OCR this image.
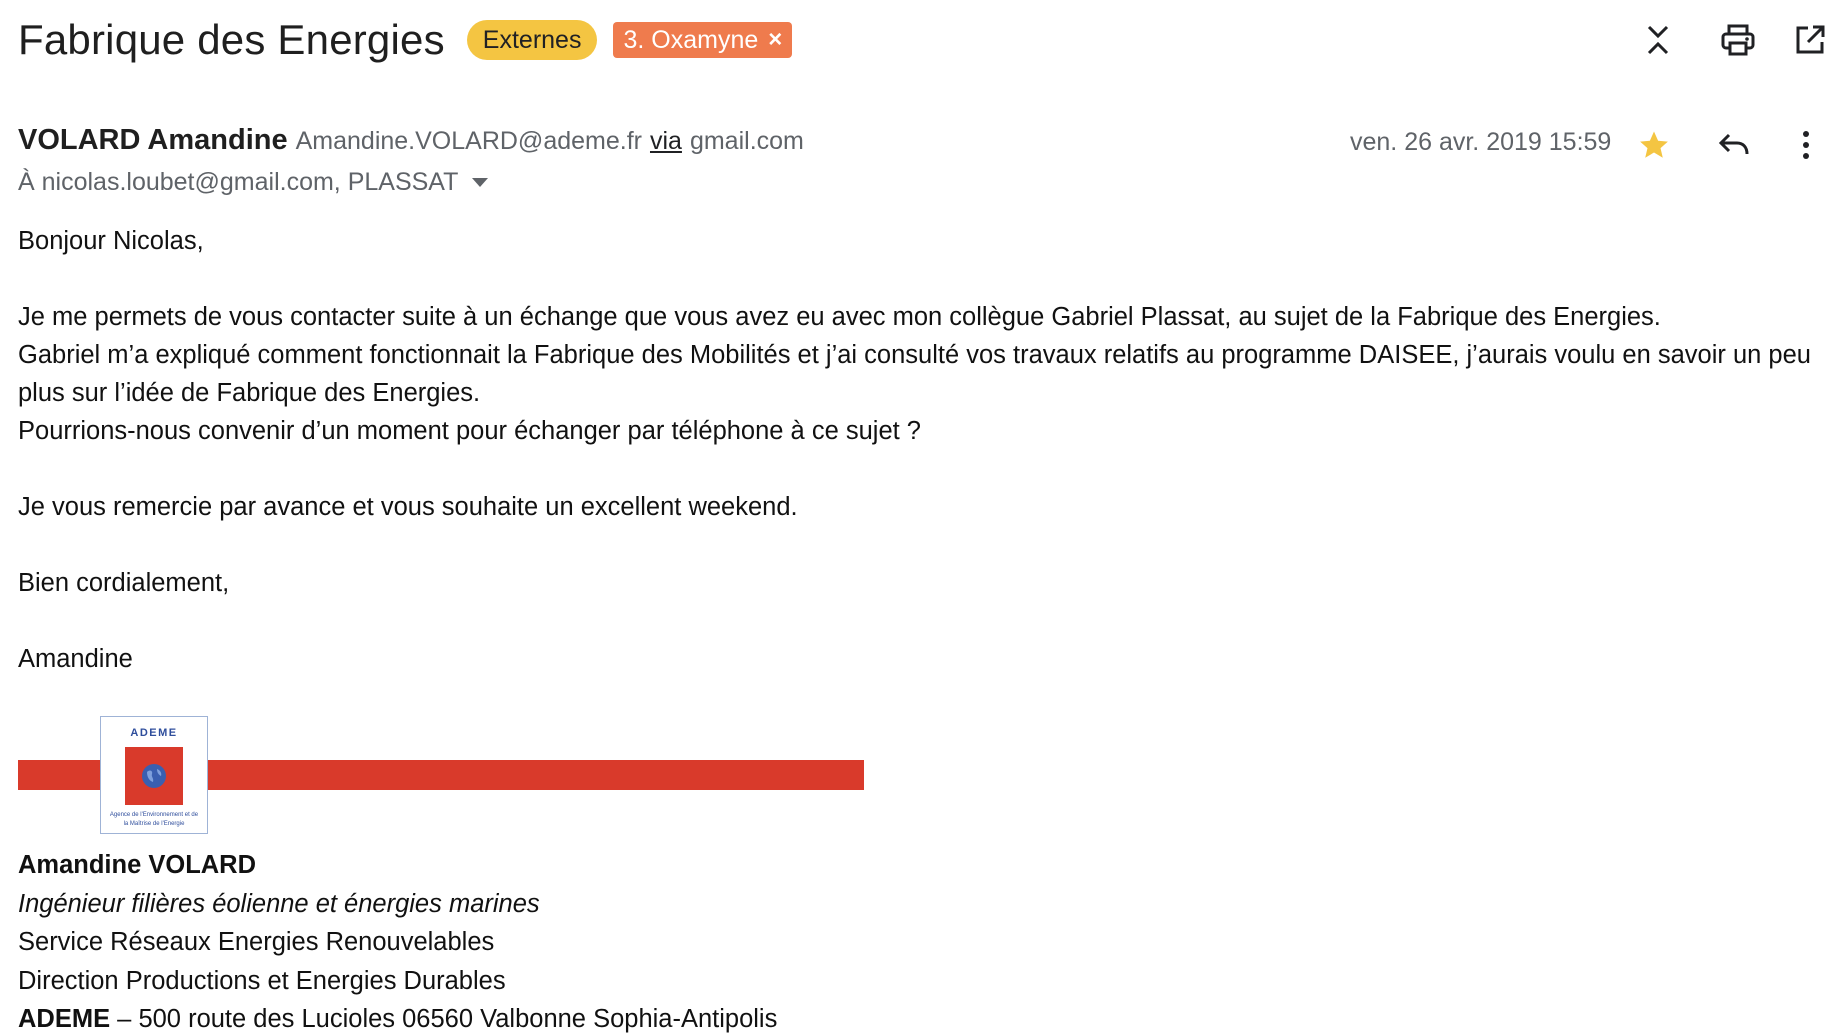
Fabrique des Energies	Externes	3. Oxamyne ×
VOLARD Amandine Amandine.VOLARD@ademe.fr via gmail.com
À nicolas.loubet@gmail.com, PLASSAT
ven. 26 avr. 2019 15:59

Bonjour Nicolas,

Je me permets de vous contacter suite à un échange que vous avez eu avec mon collègue Gabriel Plassat, au sujet de la Fabrique des Energies.

Gabriel m’a expliqué comment fonctionnait la Fabrique des Mobilités et j’ai consulté vos travaux relatifs au programme DAISEE, j’aurais voulu en savoir un peu plus sur l’idée de Fabrique des Energies.

Pourrions-nous convenir d’un moment pour échanger par téléphone à ce sujet ?

Je vous remercie par avance et vous souhaite un excellent weekend.

Bien cordialement,

Amandine

ADEME
Agence de l'Environnement et de la Maîtrise de l'Energie

Amandine VOLARD

Ingénieur filières éolienne et énergies marines

Service Réseaux Energies Renouvelables

Direction Productions et Energies Durables

ADEME – 500 route des Lucioles 06560 Valbonne Sophia-Antipolis
